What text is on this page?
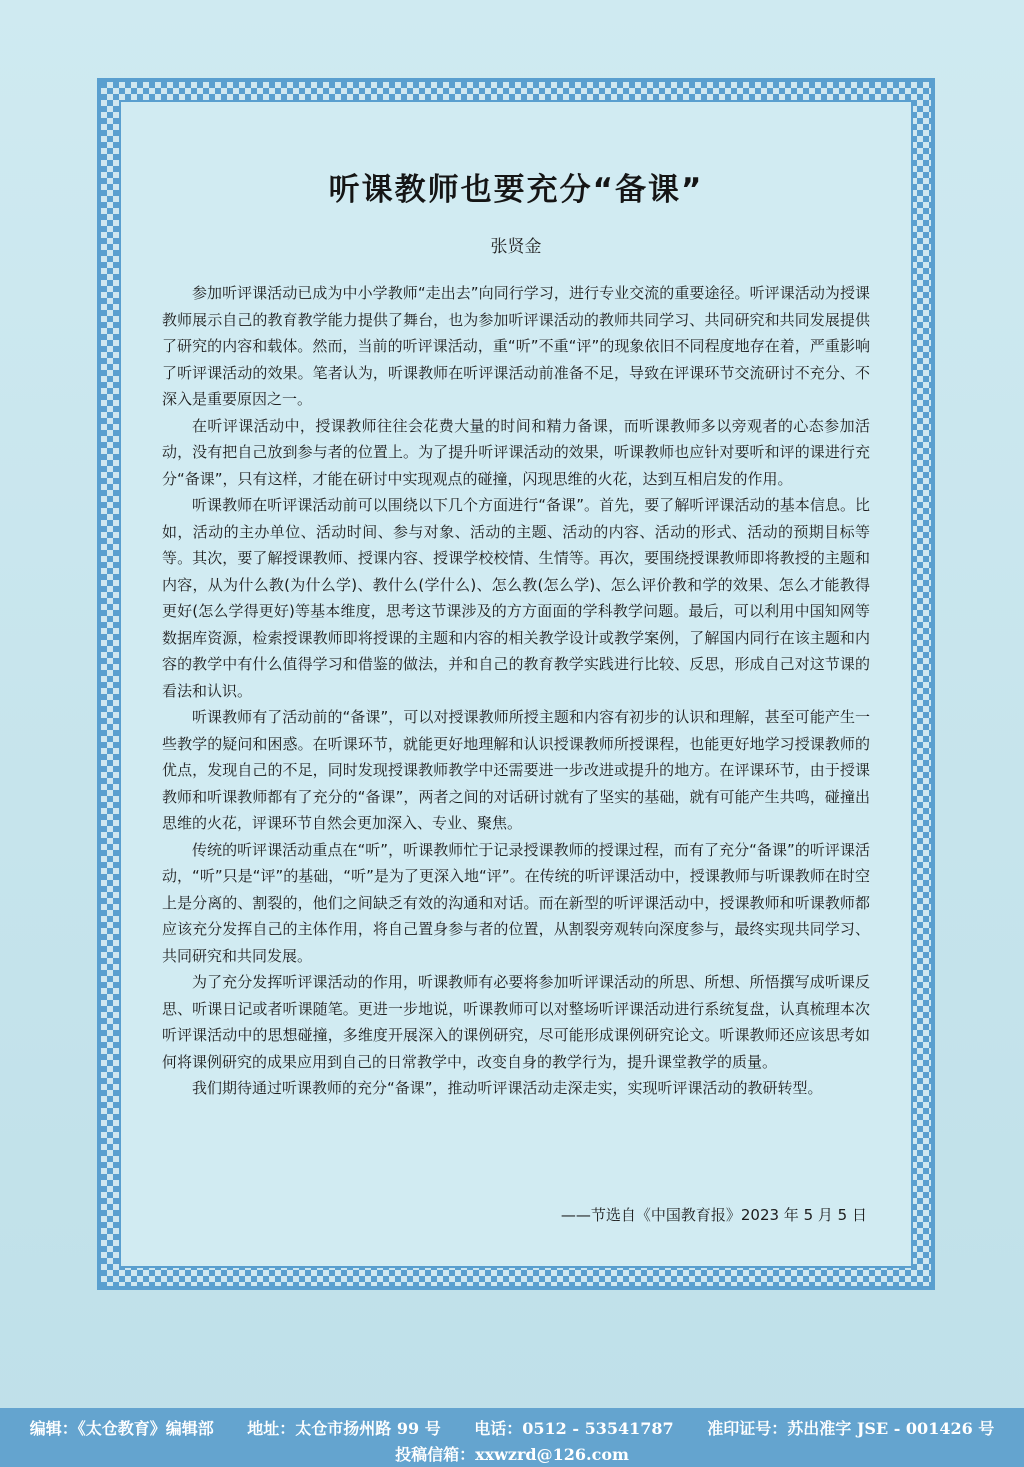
听课教师也要充分“备课”
张贤金

参加听评课活动已成为中小学教师“走出去”向同行学习，进行专业交流的重要途径。听评课活动为授课教师展示自己的教育教学能力提供了舞台，也为参加听评课活动的教师共同学习、共同研究和共同发展提供了研究的内容和载体。然而，当前的听评课活动，重“听”不重“评”的现象依旧不同程度地存在着，严重影响了听评课活动的效果。笔者认为，听课教师在听评课活动前准备不足，导致在评课环节交流研讨不充分、不深入是重要原因之一。

在听评课活动中，授课教师往往会花费大量的时间和精力备课，而听课教师多以旁观者的心态参加活动，没有把自己放到参与者的位置上。为了提升听评课活动的效果，听课教师也应针对要听和评的课进行充分“备课”，只有这样，才能在研讨中实现观点的碰撞，闪现思维的火花，达到互相启发的作用。

听课教师在听评课活动前可以围绕以下几个方面进行“备课”。首先，要了解听评课活动的基本信息。比如，活动的主办单位、活动时间、参与对象、活动的主题、活动的内容、活动的形式、活动的预期目标等等。其次，要了解授课教师、授课内容、授课学校校情、生情等。再次，要围绕授课教师即将教授的主题和内容，从为什么教(为什么学)、教什么(学什么)、怎么教(怎么学)、怎么评价教和学的效果、怎么才能教得更好(怎么学得更好)等基本维度，思考这节课涉及的方方面面的学科教学问题。最后，可以利用中国知网等数据库资源，检索授课教师即将授课的主题和内容的相关教学设计或教学案例，了解国内同行在该主题和内容的教学中有什么值得学习和借鉴的做法，并和自己的教育教学实践进行比较、反思，形成自己对这节课的看法和认识。

听课教师有了活动前的“备课”，可以对授课教师所授主题和内容有初步的认识和理解，甚至可能产生一些教学的疑问和困惑。在听课环节，就能更好地理解和认识授课教师所授课程，也能更好地学习授课教师的优点，发现自己的不足，同时发现授课教师教学中还需要进一步改进或提升的地方。在评课环节，由于授课教师和听课教师都有了充分的“备课”，两者之间的对话研讨就有了坚实的基础，就有可能产生共鸣，碰撞出思维的火花，评课环节自然会更加深入、专业、聚焦。

传统的听评课活动重点在“听”，听课教师忙于记录授课教师的授课过程，而有了充分“备课”的听评课活动，“听”只是“评”的基础，“听”是为了更深入地“评”。在传统的听评课活动中，授课教师与听课教师在时空上是分离的、割裂的，他们之间缺乏有效的沟通和对话。而在新型的听评课活动中，授课教师和听课教师都应该充分发挥自己的主体作用，将自己置身参与者的位置，从割裂旁观转向深度参与，最终实现共同学习、共同研究和共同发展。

为了充分发挥听评课活动的作用，听课教师有必要将参加听评课活动的所思、所想、所悟撰写成听课反思、听课日记或者听课随笔。更进一步地说，听课教师可以对整场听评课活动进行系统复盘，认真梳理本次听评课活动中的思想碰撞，多维度开展深入的课例研究，尽可能形成课例研究论文。听课教师还应该思考如何将课例研究的成果应用到自己的日常教学中，改变自身的教学行为，提升课堂教学的质量。

我们期待通过听课教师的充分“备课”，推动听评课活动走深走实，实现听评课活动的教研转型。

——节选自《中国教育报》2023 年 5 月 5 日
编辑：《太仓教育》编辑部 地址：太仓市扬州路 99 号 电话：0512 - 53541787 准印证号：苏出准字 JSE - 001426 号
投稿信箱：xxwzrd@126.com
